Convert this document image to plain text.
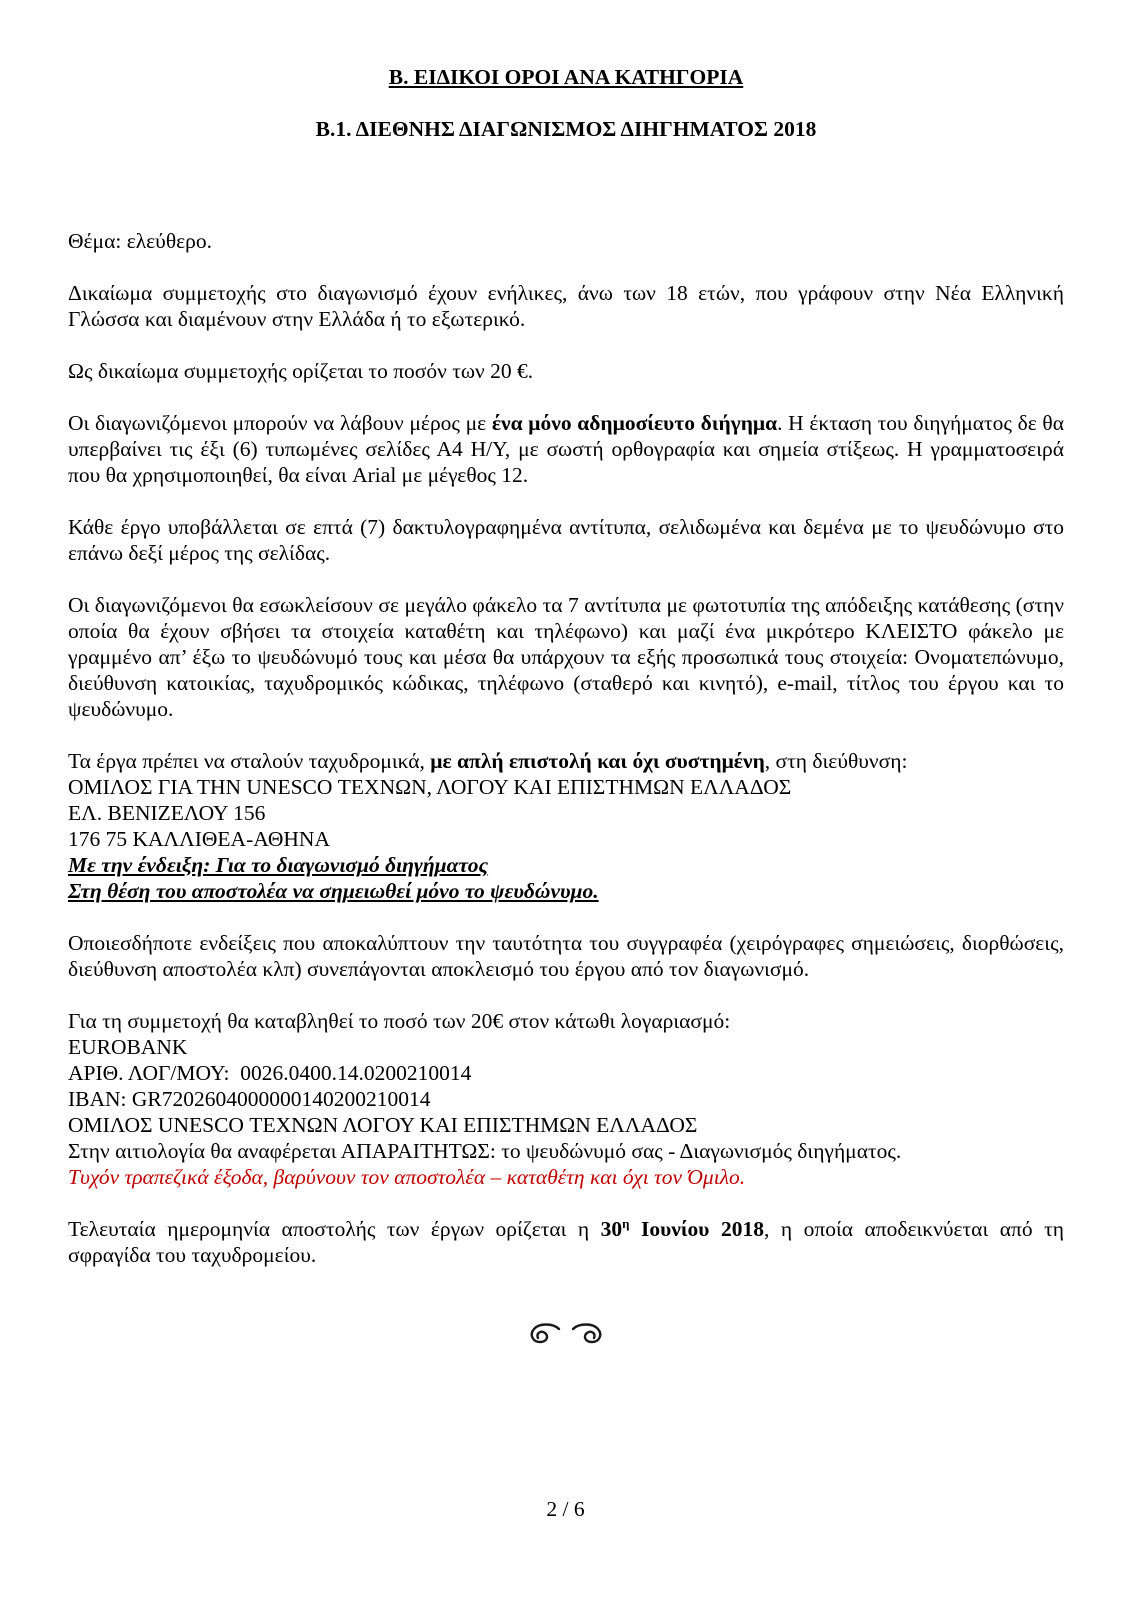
Β. ΕΙΔΙΚΟΙ ΟΡΟΙ ΑΝΑ ΚΑΤΗΓΟΡΙΑ

Β.1. ΔΙΕΘΝΗΣ ΔΙΑΓΩΝΙΣΜΟΣ ΔΙΗΓΗΜΑΤΟΣ 2018

Θέμα: ελεύθερο.

Δικαίωμα συμμετοχής στο διαγωνισμό έχουν ενήλικες, άνω των 18 ετών, που γράφουν στην Νέα Ελληνική Γλώσσα και διαμένουν στην Ελλάδα ή το εξωτερικό.

Ως δικαίωμα συμμετοχής ορίζεται το ποσόν των 20 €.

Οι διαγωνιζόμενοι μπορούν να λάβουν μέρος με ένα μόνο αδημοσίευτο διήγημα. Η έκταση του διηγήματος δε θα υπερβαίνει τις έξι (6) τυπωμένες σελίδες Α4 Η/Υ, με σωστή ορθογραφία και σημεία στίξεως. Η γραμματοσειρά που θα χρησιμοποιηθεί, θα είναι Arial με μέγεθος 12.

Κάθε έργο υποβάλλεται σε επτά (7) δακτυλογραφημένα αντίτυπα, σελιδωμένα και δεμένα με το ψευδώνυμο στο επάνω δεξί μέρος της σελίδας.

Οι διαγωνιζόμενοι θα εσωκλείσουν σε μεγάλο φάκελο τα 7 αντίτυπα με φωτοτυπία της απόδειξης κατάθεσης (στην οποία θα έχουν σβήσει τα στοιχεία καταθέτη και τηλέφωνο) και μαζί ένα μικρότερο ΚΛΕΙΣΤΟ φάκελο με γραμμένο απ’ έξω το ψευδώνυμό τους και μέσα θα υπάρχουν τα εξής προσωπικά τους στοιχεία: Ονοματεπώνυμο, διεύθυνση κατοικίας, ταχυδρομικός κώδικας, τηλέφωνο (σταθερό και κινητό), e-mail, τίτλος του έργου και το ψευδώνυμο.

Τα έργα πρέπει να σταλούν ταχυδρομικά, με απλή επιστολή και όχι συστημένη, στη διεύθυνση:

ΟΜΙΛΟΣ ΓΙΑ ΤΗΝ UNESCO ΤΕΧΝΩΝ, ΛΟΓΟΥ ΚΑΙ ΕΠΙΣΤΗΜΩΝ ΕΛΛΑΔΟΣ

ΕΛ. ΒΕΝΙΖΕΛΟΥ 156

176 75 ΚΑΛΛΙΘΕΑ-ΑΘΗΝΑ

Με την ένδειξη: Για το διαγωνισμό διηγήματος

Στη θέση του αποστολέα να σημειωθεί μόνο το ψευδώνυμο.

Οποιεσδήποτε ενδείξεις που αποκαλύπτουν την ταυτότητα του συγγραφέα (χειρόγραφες σημειώσεις, διορθώσεις, διεύθυνση αποστολέα κλπ) συνεπάγονται αποκλεισμό του έργου από τον διαγωνισμό.

Για τη συμμετοχή θα καταβληθεί το ποσό των 20€ στον κάτωθι λογαριασμό:

EUROBANK

ΑΡΙΘ. ΛΟΓ/ΜΟΥ:  0026.0400.14.0200210014

IBAN: GR7202604000000140200210014

ΟΜΙΛΟΣ UNESCO ΤΕΧΝΩΝ ΛΟΓΟΥ ΚΑΙ ΕΠΙΣΤΗΜΩΝ ΕΛΛΑΔΟΣ

Στην αιτιολογία θα αναφέρεται ΑΠΑΡΑΙΤΗΤΩΣ: το ψευδώνυμό σας - Διαγωνισμός διηγήματος.

Τυχόν τραπεζικά έξοδα, βαρύνουν τον αποστολέα – καταθέτη και όχι τον Όμιλο.

Τελευταία ημερομηνία αποστολής των έργων ορίζεται η $30^\eta$ Ιουνίου 2018, η οποία αποδεικνύεται από τη σφραγίδα του ταχυδρομείου.

2 / 6
